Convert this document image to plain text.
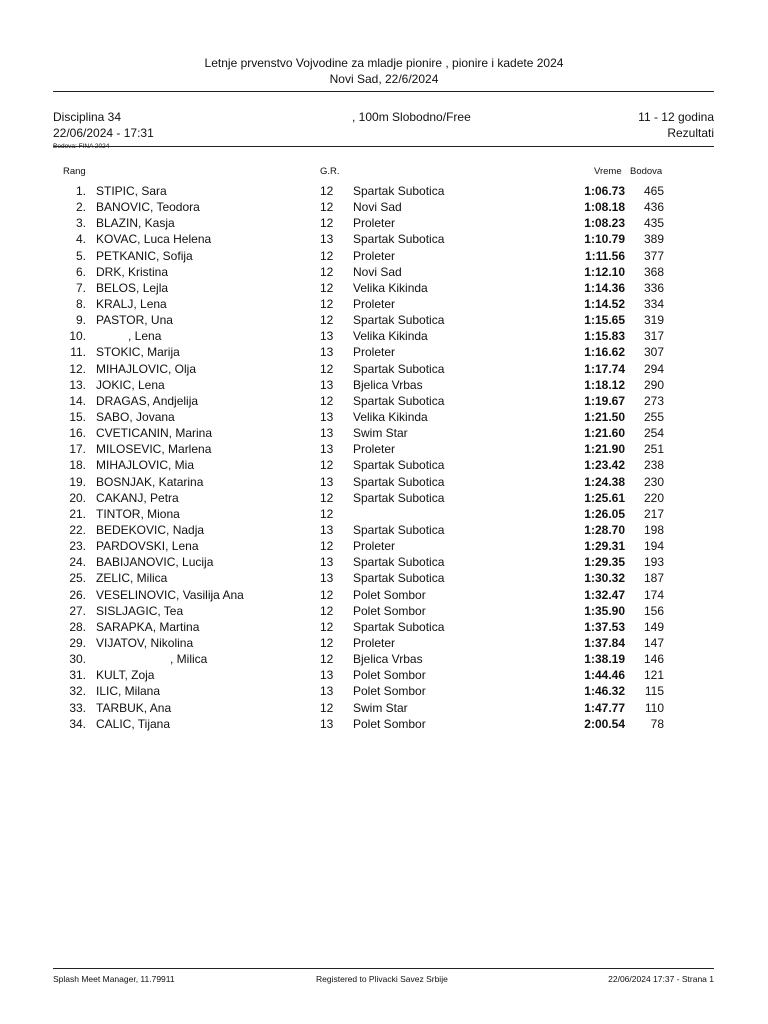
Letnje prvenstvo Vojvodine za mladje pionire , pionire i kadete 2024
Novi Sad, 22/6/2024
Disciplina 34	, 100m Slobodno/Free	11 - 12 godina
22/06/2024 - 17:31	Rezultati
Bodova: FINA 2024
Rang	G.R.	Vreme Bodova
1. STIPIC, Sara	12 Spartak Subotica	1:06.73	465
2. BANOVIC, Teodora	12 Novi Sad	1:08.18	436
3. BLAZIN, Kasja	12 Proleter	1:08.23	435
4. KOVAC, Luca Helena	13 Spartak Subotica	1:10.79	389
5. PETKANIC, Sofija	12 Proleter	1:11.56	377
6. DRK, Kristina	12 Novi Sad	1:12.10	368
7. BELOS, Lejla	12 Velika Kikinda	1:14.36	336
8. KRALJ, Lena	12 Proleter	1:14.52	334
9. PASTOR, Una	12 Spartak Subotica	1:15.65	319
10.	, Lena	13 Velika Kikinda	1:15.83	317
11. STOKIC, Marija	13 Proleter	1:16.62	307
12. MIHAJLOVIC, Olja	12 Spartak Subotica	1:17.74	294
13. JOKIC, Lena	13 Bjelica Vrbas	1:18.12	290
14. DRAGAS, Andjelija	12 Spartak Subotica	1:19.67	273
15. SABO, Jovana	13 Velika Kikinda	1:21.50	255
16. CVETICANIN, Marina	13 Swim Star	1:21.60	254
17. MILOSEVIC, Marlena	13 Proleter	1:21.90	251
18. MIHAJLOVIC, Mia	12 Spartak Subotica	1:23.42	238
19. BOSNJAK, Katarina	13 Spartak Subotica	1:24.38	230
20. CAKANJ, Petra	12 Spartak Subotica	1:25.61	220
21. TINTOR, Miona	12	1:26.05	217
22. BEDEKOVIC, Nadja	13 Spartak Subotica	1:28.70	198
23. PARDOVSKI, Lena	12 Proleter	1:29.31	194
24. BABIJANOVIC, Lucija	13 Spartak Subotica	1:29.35	193
25. ZELIC, Milica	13 Spartak Subotica	1:30.32	187
26. VESELINOVIC, Vasilija Ana	12 Polet Sombor	1:32.47	174
27. SISLJAGIC, Tea	12 Polet Sombor	1:35.90	156
28. SARAPKA, Martina	12 Spartak Subotica	1:37.53	149
29. VIJATOV, Nikolina	12 Proleter	1:37.84	147
30.	, Milica	12 Bjelica Vrbas	1:38.19	146
31. KULT, Zoja	13 Polet Sombor	1:44.46	121
32. ILIC, Milana	13 Polet Sombor	1:46.32	115
33. TARBUK, Ana	12 Swim Star	1:47.77	110
34. CALIC, Tijana	13 Polet Sombor	2:00.54	78
Splash Meet Manager, 11.79911	Registered to Plivacki Savez Srbije	22/06/2024 17:37 - Strana 1
